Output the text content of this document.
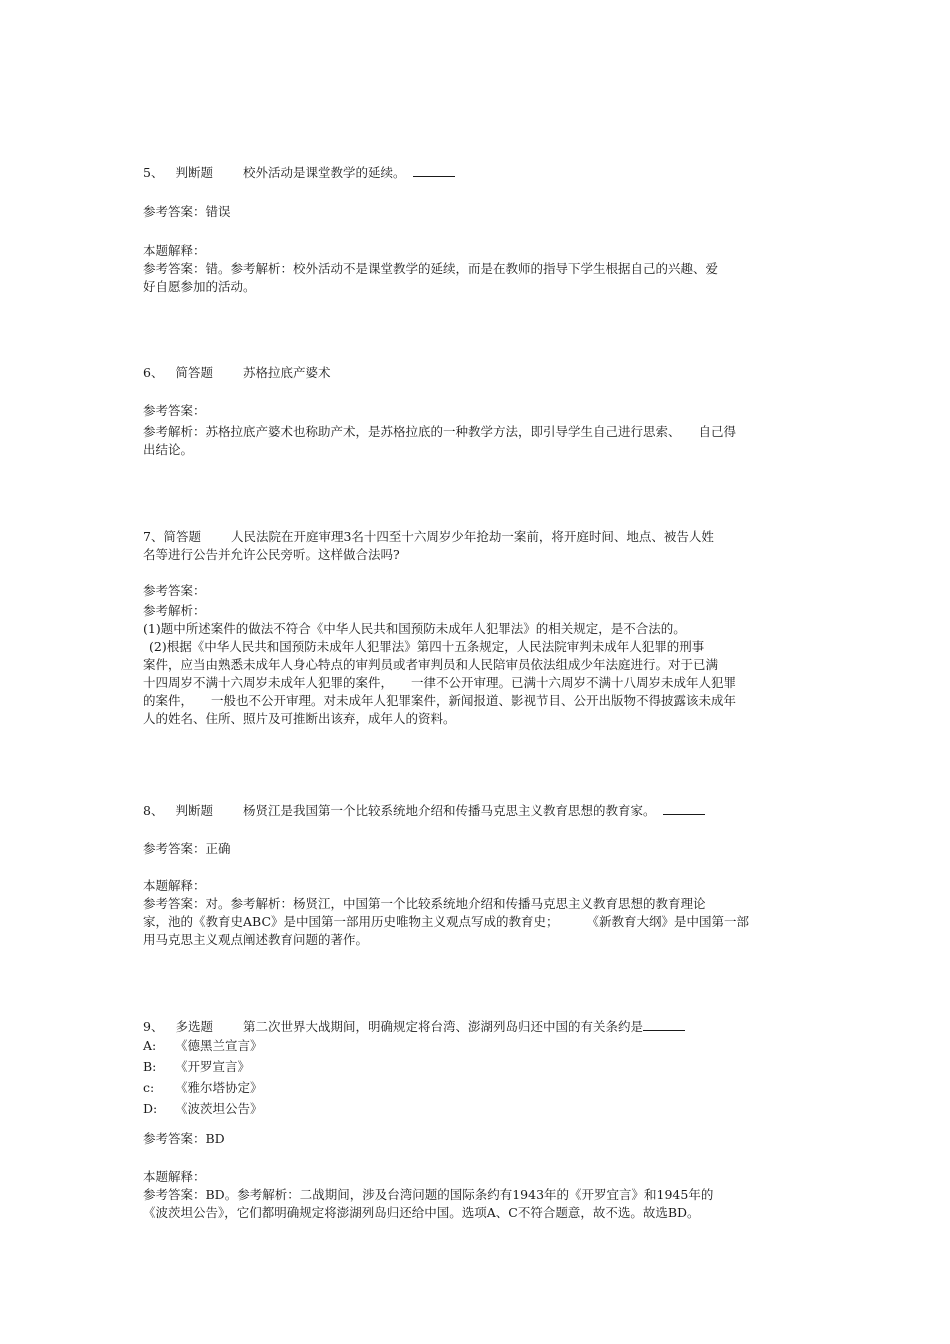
5、 判断题 校外活动是课堂教学的延续。
参考答案：错误
本题解释：
参考答案：错。参考解析：校外活动不是课堂教学的延续，而是在教师的指导下学生根据自己的兴趣、爱
好自愿参加的活动。
6、 简答题 苏格拉底产婆术
参考答案：
参考解析：苏格拉底产婆术也称助产术，是苏格拉底的一种教学方法，即引导学生自己进行思索、 自己得
出结论。
7、简答题 人民法院在开庭审理3名十四至十六周岁少年抢劫一案前，将开庭时间、地点、被告人姓
名等进行公告并允许公民旁听。这样做合法吗?
参考答案：
参考解析：
(1)题中所述案件的做法不符合《中华人民共和国预防未成年人犯罪法》的相关规定，是不合法的。
(2)根据《中华人民共和国预防未成年人犯罪法》第四十五条规定，人民法院审判未成年人犯罪的刑事
案件，应当由熟悉未成年人身心特点的审判员或者审判员和人民陪审员依法组成少年法庭进行。对于已满
十四周岁不满十六周岁未成年人犯罪的案件， 一律不公开审理。已满十六周岁不满十八周岁未成年人犯罪
的案件， 一般也不公开审理。对未成年人犯罪案件，新闻报道、影视节目、公开出版物不得披露该未成年
人的姓名、住所、照片及可推断出该弃，成年人的资料。
8、 判断题 杨贤江是我国第一个比较系统地介绍和传播马克思主义教育思想的教育家。
参考答案：正确
本题解释：
参考答案：对。参考解析：杨贤江，中国第一个比较系统地介绍和传播马克思主义教育思想的教育理论
家，池的《教育史ABC》是中国第一部用历史唯物主义观点写成的教育史； 《新教育大纲》是中国第一部
用马克思主义观点阐述教育问题的著作。
9、 多选题 第二次世界大战期间，明确规定将台湾、澎湖列岛归还中国的有关条约是
A: 《德黑兰宣言》
B: 《开罗宣言》
c: 《雅尔塔协定》
D: 《波茨坦公告》
参考答案：BD
本题解释：
参考答案：BD。参考解析：二战期间，涉及台湾问题的国际条约有1943年的《开罗宜言》和1945年的
《波茨坦公告》，它们都明确规定将澎湖列岛归还给中国。选项A、C不符合题意，故不选。故选BD。
